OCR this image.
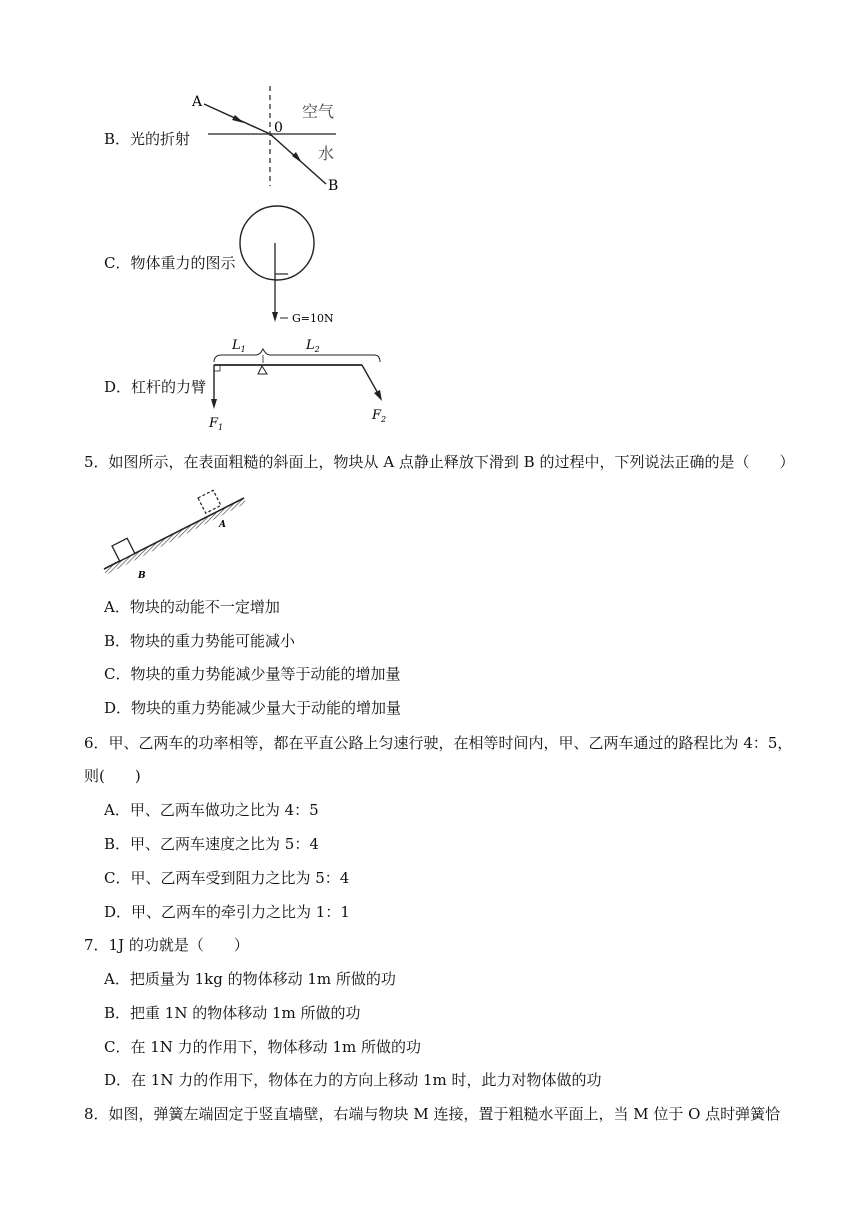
B．光的折射
C．物体重力的图示
D．杠杆的力臂
5．如图所示，在表面粗糙的斜面上，物块从 A 点静止释放下滑到 B 的过程中，下列说法正确的是（　　）
A．物块的动能不一定增加
B．物块的重力势能可能减小
C．物块的重力势能减少量等于动能的增加量
D．物块的重力势能减少量大于动能的增加量
6．甲、乙两车的功率相等，都在平直公路上匀速行驶，在相等时间内，甲、乙两车通过的路程比为 4：5，
则(　　)
A．甲、乙两车做功之比为 4：5
B．甲、乙两车速度之比为 5：4
C．甲、乙两车受到阻力之比为 5：4
D．甲、乙两车的牵引力之比为 1：1
7．1J 的功就是（　　）
A．把质量为 1kg 的物体移动 1m 所做的功
B．把重 1N 的物体移动 1m 所做的功
C．在 1N 力的作用下，物体移动 1m 所做的功
D．在 1N 力的作用下，物体在力的方向上移动 1m 时，此力对物体做的功
8．如图，弹簧左端固定于竖直墙壁，右端与物块 M 连接，置于粗糙水平面上，当 M 位于 O 点时弹簧恰
A
0
空气
水
B
G=10N
$L_1$	$L_2$
$F_1$
$F_2$
A
B
